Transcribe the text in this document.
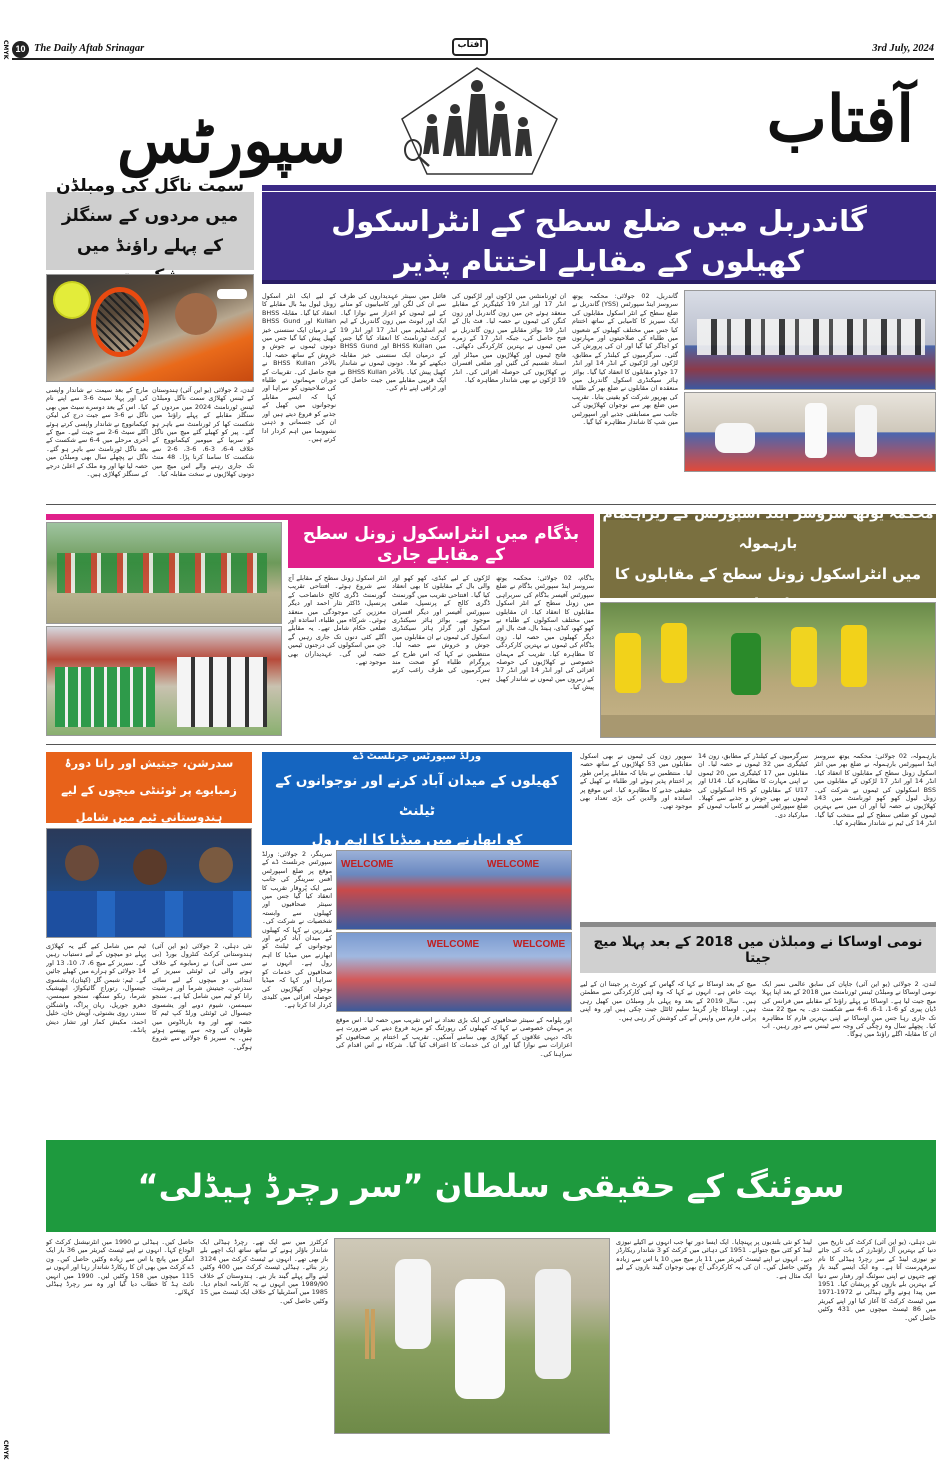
CMYK
CMYK
10 The Daily Aftab Srinagar	آفتاب	3rd July, 2024
آفتاب
سپورٹس
گاندربل میں ضلع سطح کے انٹراسکول کھیلوں کے مقابلے اختتام پذیر
گاندربل، 02 جولائی: محکمہ یوتھ سروسز اینڈ سپورٹس (YSS) گاندربل نے ضلع سطح کے انٹر اسکول مقابلوں کی ایک سیریز کا کامیابی کے ساتھ اختتام کیا جس میں مختلف کھیلوں کے شعبوں میں طلباء کی صلاحیتوں اور مہارتوں کو اجاگر کیا گیا اور ان کی پرورش کی گئی۔ سرگرمیوں کے کیلنڈر کے مطابق، لڑکوں اور لڑکیوں کے انڈر 14 اور انڈر 17 جوڈو مقابلوں کا انعقاد کیا گیا۔ بوائز ہائر سیکنڈری اسکول گاندربل میں منعقدہ ان مقابلوں نے ضلع بھر کے طلباء کی بھرپور شرکت کو یقینی بنایا۔ تقریب میں ضلع بھر سے نوجوان کھلاڑیوں کی جانب سے مسابقتی جذبے اور اسپورٹس مین شپ کا شاندار مظاہرہ کیا گیا۔
ان ٹورنامنٹس میں لڑکوں اور لڑکیوں کی انڈر 17 اور انڈر 19 کیٹیگریز کے مقابلے منعقد ہوئے جن میں زون گاندربل اور زون کنگن کی ٹیموں نے حصہ لیا۔ فٹ بال کے انڈر 19 بوائز مقابلے میں زون گاندربل نے فتح حاصل کی، جبکہ انڈر 17 کے زمرے میں ٹیموں نے بہترین کارکردگی دکھائی۔ فاتح ٹیموں اور کھلاڑیوں میں میڈلز اور اسناد تقسیم کی گئیں اور ضلعی افسران نے کھلاڑیوں کی حوصلہ افزائی کی۔ انڈر 19 لڑکوں نے بھی شاندار مظاہرہ کیا۔
فائنل میں سینئر عہدیداروں کی طرف سے ان کی لگن اور کامیابیوں کو منانے کے لیے ٹیموں کو اعزاز سے نوازا گیا۔ ایک اور ایونٹ میں زون گاندربل کے ایم ایم اسٹیڈیم میں انڈر 17 اور انڈر 19 کرکٹ ٹورنامنٹ کا انعقاد کیا گیا جس میں BHSS Kullan اور BHSS Gund کے درمیان ایک سنسنی خیز مقابلہ دیکھنے کو ملا۔ دونوں ٹیموں نے شاندار کھیل پیش کیا۔ بالآخر BHSS Kullan نے ایک قریبی مقابلے میں جیت حاصل کی اور ٹرافی اپنے نام کی۔
کے لیے ایک انٹر اسکول زونل لیول بیڈ بال مقابلے کا انعقاد کیا گیا۔ مقابلہ BHSS Kullan اور BHSS Gund کے درمیان ایک سنسنی خیز کھیل پیش کیا گیا جس میں دونوں ٹیموں نے جوش و خروش کے ساتھ حصہ لیا۔ بالآخر BHSS Kullan نے فتح حاصل کی۔ تقریبات کے دوران مہمانوں نے طلباء کی صلاحیتوں کو سراہا اور کہا کہ ایسے مقابلے نوجوانوں میں کھیل کے جذبے کو فروغ دیتے ہیں اور ان کی جسمانی و ذہنی نشوونما میں اہم کردار ادا کرتے ہیں۔
سمت ناگل کی ومبلڈن میں مردوں کے سنگلز کے پہلے راؤنڈ میں
لندن، 2 جولائی (یو این آئی) ہندوستان کے ٹینس کھلاڑی سمت ناگل ومبلڈن ٹینس ٹورنامنٹ 2024 میں مردوں کے سنگلز مقابلے کے پہلے راؤنڈ میں شکست کھا کر ٹورنامنٹ سے باہر ہو گئے۔ پیر کو کھیلے گئے میچ میں ناگل کو سربیا کے میومیر کیکمانووچ کے خلاف 4-6، 3-6، 6-3، 6-2 سے شکست کا سامنا کرنا پڑا۔ 48 منٹ تک جاری رہنے والے اس میچ میں دونوں کھلاڑیوں نے سخت مقابلہ کیا۔
مارچ کے بعد سیمت نے شاندار واپسی کی اور پہلا سیٹ 6-3 سے اپنے نام کیا۔ اس کے بعد دوسرے سیٹ میں بھی ناگل نے 6-3 سے جیت درج کی لیکن کیکمانووچ نے شاندار واپسی کرتے ہوئے اگلے سیٹ 6-2 سے جیت لیے۔ میچ کے آخری مرحلے میں 4-6 سے شکست کے بعد ناگل ٹورنامنٹ سے باہر ہو گئے۔ ناگل نے پچھلے سال بھی ومبلڈن میں حصہ لیا تھا اور وہ ملک کے اعلیٰ درجے کے سنگلز کھلاڑی ہیں۔
بڈگام میں انٹراسکول زونل سطح کے مقابلے جاری
بڈگام، 02 جولائی: محکمہ یوتھ سروسز اینڈ سپورٹس بڈگام نے ضلع سپورٹس آفیسر بڈگام کی سربراہی میں زونل سطح کے انٹر اسکول مقابلوں کا انعقاد کیا۔ ان مقابلوں میں مختلف اسکولوں کے طلباء نے کھو کھو، کبڈی، ہینڈ بال، فٹ بال اور دیگر کھیلوں میں حصہ لیا۔ زون بڈگام کی ٹیموں نے بہترین کارکردگی کا مظاہرہ کیا۔ تقریب کے مہمان خصوصی نے کھلاڑیوں کی حوصلہ افزائی کی اور انڈر 14 اور انڈر 17 کے زمروں میں ٹیموں نے شاندار کھیل پیش کیا۔
لڑکوں کے لیے کبڈی، کھو کھو اور والی بال کے مقابلوں کا بھی انعقاد کیا گیا۔ افتتاحی تقریب میں گورنمنٹ ڈگری کالج کے پرنسپل، ضلعی سپورٹس آفیسر اور دیگر افسران موجود تھے۔ بوائز ہائر سیکنڈری اسکول اور گرلز ہائر سیکنڈری اسکول کی ٹیموں نے ان مقابلوں میں جوش و خروش سے حصہ لیا۔ منتظمین نے کہا کہ اس طرح کے پروگرام طلباء کو صحت مند سرگرمیوں کی طرف راغب کرتے ہیں۔
انٹر اسکول زونل سطح کے مقابلے آج سے شروع ہوئے۔ افتتاحی تقریب گورنمنٹ ڈگری کالج خانصاحب کے پرنسپل، ڈاکٹر نثار احمد اور دیگر معززین کی موجودگی میں منعقد ہوئی۔ شرکاء میں طلباء، اساتذہ اور ضلعی حکام شامل تھے۔ یہ مقابلے اگلے کئی دنوں تک جاری رہیں گے جن میں اسکولوں کی درجنوں ٹیمیں حصہ لیں گی۔ عہدیداران بھی موجود تھے۔
محکمہ یوتھ سروسز اینڈ اسپورٹس کے زیراہتمام بارہمولہ
میں انٹراسکول زونل سطح کے مقابلوں کا
سدرشن، جیتیش اور رانا دورۂ زمبابوے پر ٹوئنٹی میچوں کے لیے ہندوستانی ٹیم میں شامل
نئی دہلی، 2 جولائی (یو این آئی) ہندوستانی کرکٹ کنٹرول بورڈ (بی سی سی آئی) نے زمبابوے کے خلاف ہونے والی ٹی ٹوئنٹی سیریز کے ابتدائی دو میچوں کے لیے سائی سدرشن، جیتیش شرما اور ہرشیت رانا کو ٹیم میں شامل کیا ہے۔ سنجو سیمسن، شیوم دوبے اور یشسوی جیسوال ٹی ٹوئنٹی ورلڈ کپ ٹیم کا حصہ تھے اور وہ بارباڈوس میں طوفان کی وجہ سے پھنسے ہوئے ہیں۔ یہ سیریز 6 جولائی سے شروع ہوگی۔
ٹیم میں شامل کیے گئے یہ کھلاڑی پہلے دو میچوں کے لیے دستیاب رہیں گے۔ سیریز کے میچ 6، 7، 10، 13 اور 14 جولائی کو ہرارے میں کھیلے جائیں گے۔ ٹیم: شبمن گل (کپتان)، یشسوی جیسوال، رتوراج گائیکواڑ، ابھیشیک شرما، رنکو سنگھ، سنجو سیمسن، دھرو جوریل، ریان پراگ، واشنگٹن سندر، روی بشنوئی، آویش خان، خلیل احمد، مکیش کمار اور تشار دیش پانڈے۔
ورلڈ سپورٹس جرنلسٹ ڈے
کھیلوں کے میدان آباد کرنے اور نوجوانوں کے ٹیلنٹ
کو ابھارنے میں میڈیا کا اہم رول
WELCOME	WELCOME
WELCOME	WELCOME
سرینگر، 2 جولائی: ورلڈ سپورٹس جرنلسٹ ڈے کے موقع پر ضلع اسپورٹس آفس سرینگر کی جانب سے ایک پُروقار تقریب کا انعقاد کیا گیا جس میں سینئر صحافیوں اور کھیلوں سے وابستہ شخصیات نے شرکت کی۔ مقررین نے کہا کہ کھیلوں کے میدان آباد کرنے اور نوجوانوں کے ٹیلنٹ کو ابھارنے میں میڈیا کا اہم رول ہے۔ انہوں نے صحافیوں کی خدمات کو سراہا اور کہا کہ میڈیا نوجوان کھلاڑیوں کی حوصلہ افزائی میں کلیدی کردار ادا کرتا ہے۔
اور پلوامہ کے سینئر صحافیوں کی ایک بڑی تعداد نے اس تقریب میں حصہ لیا۔ اس موقع پر مہمان خصوصی نے کہا کہ کھیلوں کی رپورٹنگ کو مزید فروغ دینے کی ضرورت ہے تاکہ دیہی علاقوں کے کھلاڑی بھی سامنے آسکیں۔ تقریب کے اختتام پر صحافیوں کو اعزازات سے نوازا گیا اور ان کی خدمات کا اعتراف کیا گیا۔ شرکاء نے اس اقدام کی سراہنا کی۔
بارہمولہ، 02 جولائی: محکمہ یوتھ سروسز اینڈ اسپورٹس بارہمولہ نے ضلع بھر میں انٹر اسکول زونل سطح کے مقابلوں کا انعقاد کیا۔ انڈر 14 اور انڈر 17 لڑکوں کے مقابلوں میں BSS اسکولوں کی ٹیموں نے شرکت کی۔ زونل لیول کھو کھو ٹورنامنٹ میں 143 کھلاڑیوں نے حصہ لیا اور ان میں سے بہترین ٹیموں کو ضلعی سطح کے لیے منتخب کیا گیا۔ انڈر 14 کی ٹیم نے شاندار مظاہرہ کیا۔
سرگرمیوں کے کیلنڈر کے مطابق، زون 14 کیٹیگری میں 32 ٹیموں نے حصہ لیا۔ ان مقابلوں میں 17 کیٹیگری میں 20 ٹیموں نے اپنی مہارت کا مظاہرہ کیا۔ U14 اور U17 کے مقابلوں کو HS اسکولوں کی ٹیموں نے بھی جوش و جذبے سے کھیلا۔ ضلع سپورٹس آفیسر نے کامیاب ٹیموں کو مبارکباد دی۔
سوپور زون کی ٹیموں نے بھی اسکول مقابلوں میں 53 کھلاڑیوں کے ساتھ حصہ لیا۔ منتظمین نے بتایا کہ مقابلے پرامن طور پر اختتام پذیر ہوئے اور طلباء نے کھیل کے حقیقی جذبے کا مظاہرہ کیا۔ اس موقع پر اساتذہ اور والدین کی بڑی تعداد بھی موجود تھی۔
نومی اوساکا نے ومبلڈن میں 2018 کے بعد پہلا میچ جیتا
لندن، 2 جولائی (یو این آئی) جاپان کی سابق عالمی نمبر ایک نومی اوساکا نے ومبلڈن ٹینس ٹورنامنٹ میں 2018 کے بعد اپنا پہلا میچ جیت لیا ہے۔ اوساکا نے پہلے راؤنڈ کے مقابلے میں فرانس کی ڈیان پیری کو 6-1، 1-6، 6-4 سے شکست دی۔ یہ میچ 22 منٹ تک جاری رہا جس میں اوساکا نے اپنی بہترین فارم کا مظاہرہ کیا۔ پچھلے سال وہ زچگی کی وجہ سے ٹینس سے دور رہیں۔ اب ان کا مقابلہ اگلے راؤنڈ میں ہوگا۔
میچ کے بعد اوساکا نے کہا کہ گھاس کے کورٹ پر جیتنا ان کے لیے بہت خاص ہے۔ انہوں نے کہا کہ وہ اپنی کارکردگی سے مطمئن ہیں۔ سال 2019 کے بعد وہ پہلی بار ومبلڈن میں کھیل رہی ہیں۔ اوساکا چار گرینڈ سلیم ٹائٹل جیت چکی ہیں اور وہ اپنی پرانی فارم میں واپس آنے کی کوشش کر رہی ہیں۔
سوئنگ کے حقیقی سلطان ”سر رچرڈ ہیڈلی“
نئی دہلی، (یو این آئی) کرکٹ کی تاریخ میں دنیا کے بہترین آل راؤنڈرز کی بات کی جائے تو نیوزی لینڈ کے سر رچرڈ ہیڈلی کا نام سرفہرست آتا ہے۔ وہ ایک ایسے گیند باز تھے جنہوں نے اپنی سوئنگ اور رفتار سے دنیا کے بہترین بلے بازوں کو پریشان کیا۔ 1951 میں پیدا ہونے والے ہیڈلی نے 1972-1971 میں ٹیسٹ کرکٹ کا آغاز کیا اور اپنے کیریئر میں 86 ٹیسٹ میچوں میں 431 وکٹیں حاصل کیں۔
لینڈ کو نئی بلندیوں پر پہنچایا۔ ایک ایسا دور تھا جب انہوں نے اکیلے نیوزی لینڈ کو کئی میچ جتوائے۔ 1951 کی دہائی میں کرکٹ کو 3 شاندار ریکارڈز دیے۔ انہوں نے اپنے ٹیسٹ کیریئر میں 11 بار میچ میں 10 یا اس سے زیادہ وکٹیں حاصل کیں۔ ان کی یہ کارکردگی آج بھی نوجوان گیند بازوں کے لیے ایک مثال ہے۔
کرکٹرز میں سے ایک تھے۔ رچرڈ ہیڈلی ایک شاندار باؤلر ہونے کے ساتھ ساتھ ایک اچھے بلے باز بھی تھے۔ انہوں نے ٹیسٹ کرکٹ میں 3124 رنز بنائے۔ ہیڈلی ٹیسٹ کرکٹ میں 400 وکٹیں لینے والے پہلے گیند باز بنے۔ ہندوستان کے خلاف 1989/90 میں انہوں نے یہ کارنامہ انجام دیا۔ 1985 میں آسٹریلیا کے خلاف ایک ٹیسٹ میں 15 وکٹیں حاصل کیں۔
حاصل کیں۔ ہیڈلی نے 1990 میں انٹرنیشنل کرکٹ کو الوداع کہا۔ انہوں نے اپنے ٹیسٹ کیریئر میں 36 بار ایک اننگز میں پانچ یا اس سے زیادہ وکٹیں حاصل کیں۔ ون ڈے کرکٹ میں بھی ان کا ریکارڈ شاندار رہا اور انہوں نے 115 میچوں میں 158 وکٹیں لیں۔ 1990 میں انہیں نائٹ ہڈ کا خطاب دیا گیا اور وہ سر رچرڈ ہیڈلی کہلائے۔
